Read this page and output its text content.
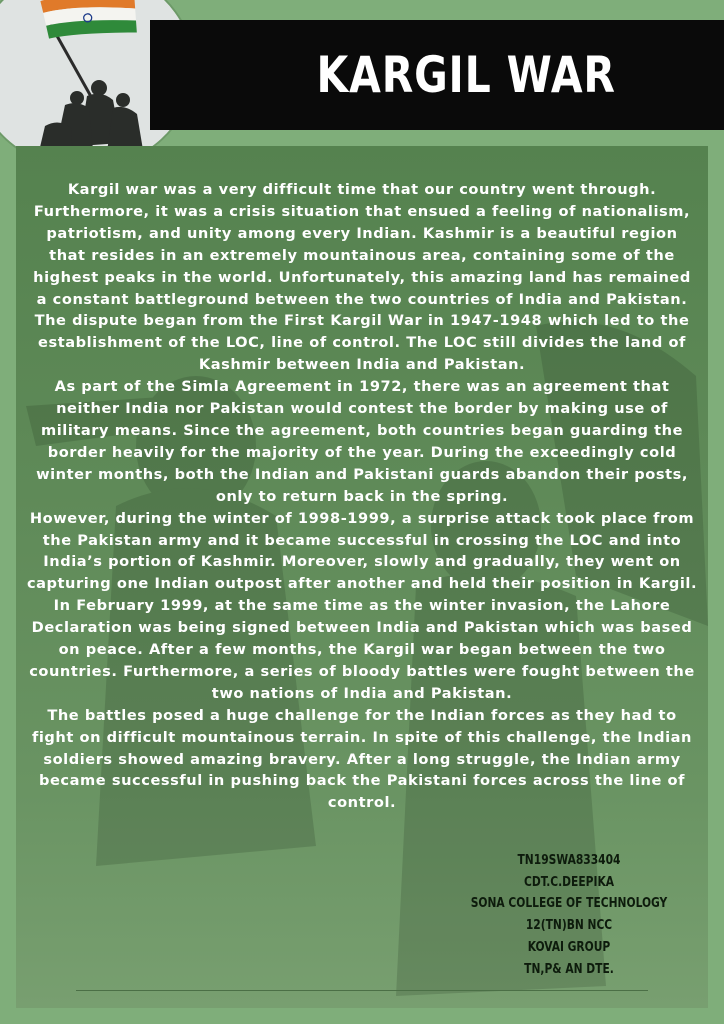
KARGIL WAR

Kargil war was a very difficult time that our country went through. Furthermore, it was a crisis situation that ensued a feeling of nationalism, patriotism, and unity among every Indian. Kashmir is a beautiful region that resides in an extremely mountainous area, containing some of the highest peaks in the world. Unfortunately, this amazing land has remained a constant battleground between the two countries of India and Pakistan. The dispute began from the First Kargil War in 1947-1948 which led to the establishment of the LOC, line of control. The LOC still divides the land of Kashmir between India and Pakistan.

As part of the Simla Agreement in 1972, there was an agreement that neither India nor Pakistan would contest the border by making use of military means. Since the agreement, both countries began guarding the border heavily for the majority of the year. During the exceedingly cold winter months, both the Indian and Pakistani guards abandon their posts, only to return back in the spring.

However, during the winter of 1998-1999, a surprise attack took place from the Pakistan army and it became successful in crossing the LOC and into India’s portion of Kashmir. Moreover, slowly and gradually, they went on capturing one Indian outpost after another and held their position in Kargil.

In February 1999, at the same time as the winter invasion, the Lahore Declaration was being signed between India and Pakistan which was based on peace. After a few months, the Kargil war began between the two countries. Furthermore, a series of bloody battles were fought between the two nations of India and Pakistan.

The battles posed a huge challenge for the Indian forces as they had to fight on difficult mountainous terrain. In spite of this challenge, the Indian soldiers showed amazing bravery. After a long struggle, the Indian army became successful in pushing back the Pakistani forces across the line of control.

TN19SWA833404
CDT.C.DEEPIKA
SONA COLLEGE OF TECHNOLOGY
12(TN)BN NCC
KOVAI GROUP
TN,P& AN DTE.
